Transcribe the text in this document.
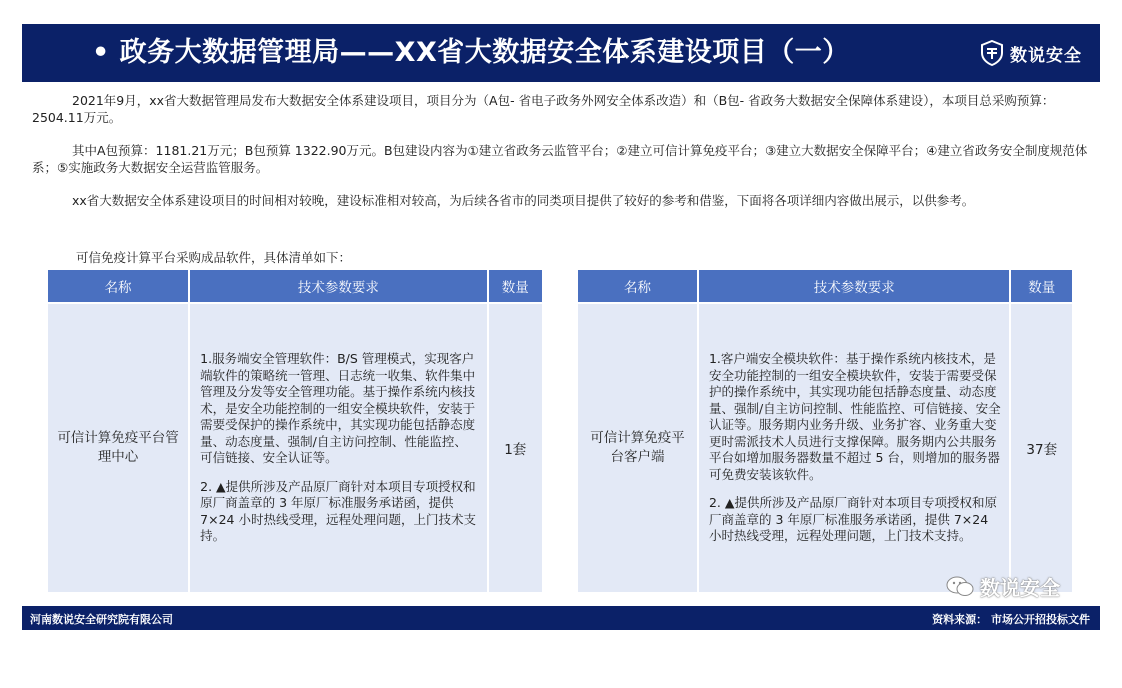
• 政务大数据管理局——XX省大数据安全体系建设项目（一）	数说安全
2021年9月，xx省大数据管理局发布大数据安全体系建设项目，项目分为（A包- 省电子政务外网安全体系改造）和（B包- 省政务大数据安全保障体系建设），本项目总采购预算：2504.11万元。
其中A包预算：1181.21万元；B包预算 1322.90万元。B包建设内容为①建立省政务云监管平台；②建立可信计算免疫平台；③建立大数据安全保障平台；④建立省政务安全制度规范体系；⑤实施政务大数据安全运营监管服务。
xx省大数据安全体系建设项目的时间相对较晚，建设标准相对较高，为后续各省市的同类项目提供了较好的参考和借鉴，下面将各项详细内容做出展示，以供参考。
可信免疫计算平台采购成品软件，具体清单如下：
名称	技术参数要求	数量
可信计算免疫平台管理中心	1.服务端安全管理软件：B/S 管理模式，实现客户端软件的策略统一管理、日志统一收集、软件集中管理及分发等安全管理功能。基于操作系统内核技术，是安全功能控制的一组安全模块软件，安装于需要受保护的操作系统中，其实现功能包括静态度量、动态度量、强制/自主访问控制、性能监控、可信链接、安全认证等。
2. ▲提供所涉及产品原厂商针对本项目专项授权和原厂商盖章的 3 年原厂标准服务承诺函，提供 7×24 小时热线受理，远程处理问题，上门技术支持。	1套
名称	技术参数要求	数量
可信计算免疫平台客户端	1.客户端安全模块软件：基于操作系统内核技术，是安全功能控制的一组安全模块软件，安装于需要受保护的操作系统中，其实现功能包括静态度量、动态度量、强制/自主访问控制、性能监控、可信链接、安全认证等。服务期内业务升级、业务扩容、业务重大变更时需派技术人员进行支撑保障。服务期内公共服务平台如增加服务器数量不超过 5 台，则增加的服务器可免费安装该软件。
2. ▲提供所涉及产品原厂商针对本项目专项授权和原厂商盖章的 3 年原厂标准服务承诺函，提供 7×24 小时热线受理，远程处理问题，上门技术支持。	37套
数说安全
河南数说安全研究院有限公司	资料来源： 市场公开招投标文件
